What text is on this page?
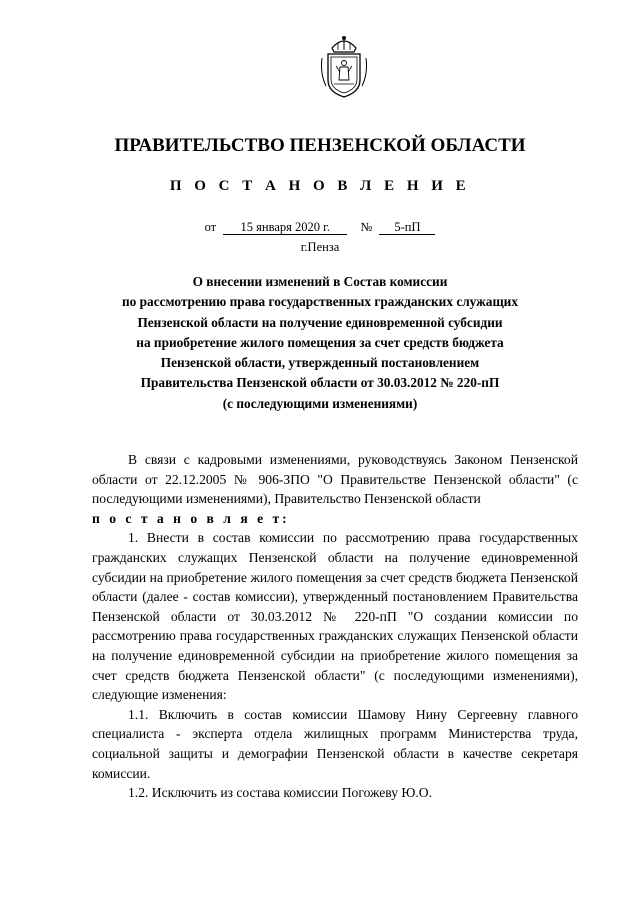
ПРАВИТЕЛЬСТВО ПЕНЗЕНСКОЙ ОБЛАСТИ
П О С Т А Н О В Л Е Н И Е
от 15 января 2020 г. № 5-пП
г.Пенза
О внесении изменений в Состав комиссии
по рассмотрению права государственных гражданских служащих
Пензенской области на получение единовременной субсидии
на приобретение жилого помещения за счет средств бюджета
Пензенской области, утвержденный постановлением
Правительства Пензенской области от 30.03.2012 № 220-пП
(с последующими изменениями)

В связи с кадровыми изменениями, руководствуясь Законом Пензенской области от 22.12.2005 № 906-ЗПО "О Правительстве Пензенской области" (с последующими изменениями), Правительство Пензенской области

п о с т а н о в л я е т:

1. Внести в состав комиссии по рассмотрению права государственных гражданских служащих Пензенской области на получение единовременной субсидии на приобретение жилого помещения за счет средств бюджета Пензенской области (далее - состав комиссии), утвержденный постановлением Правительства Пензенской области от 30.03.2012 № 220-пП "О создании комиссии по рассмотрению права государственных гражданских служащих Пензенской области на получение единовременной субсидии на приобретение жилого помещения за счет средств бюджета Пензенской области" (с последующими изменениями), следующие изменения:

1.1. Включить в состав комиссии Шамову Нину Сергеевну главного специалиста - эксперта отдела жилищных программ Министерства труда, социальной защиты и демографии Пензенской области в качестве секретаря комиссии.

1.2. Исключить из состава комиссии Погожеву Ю.О.
